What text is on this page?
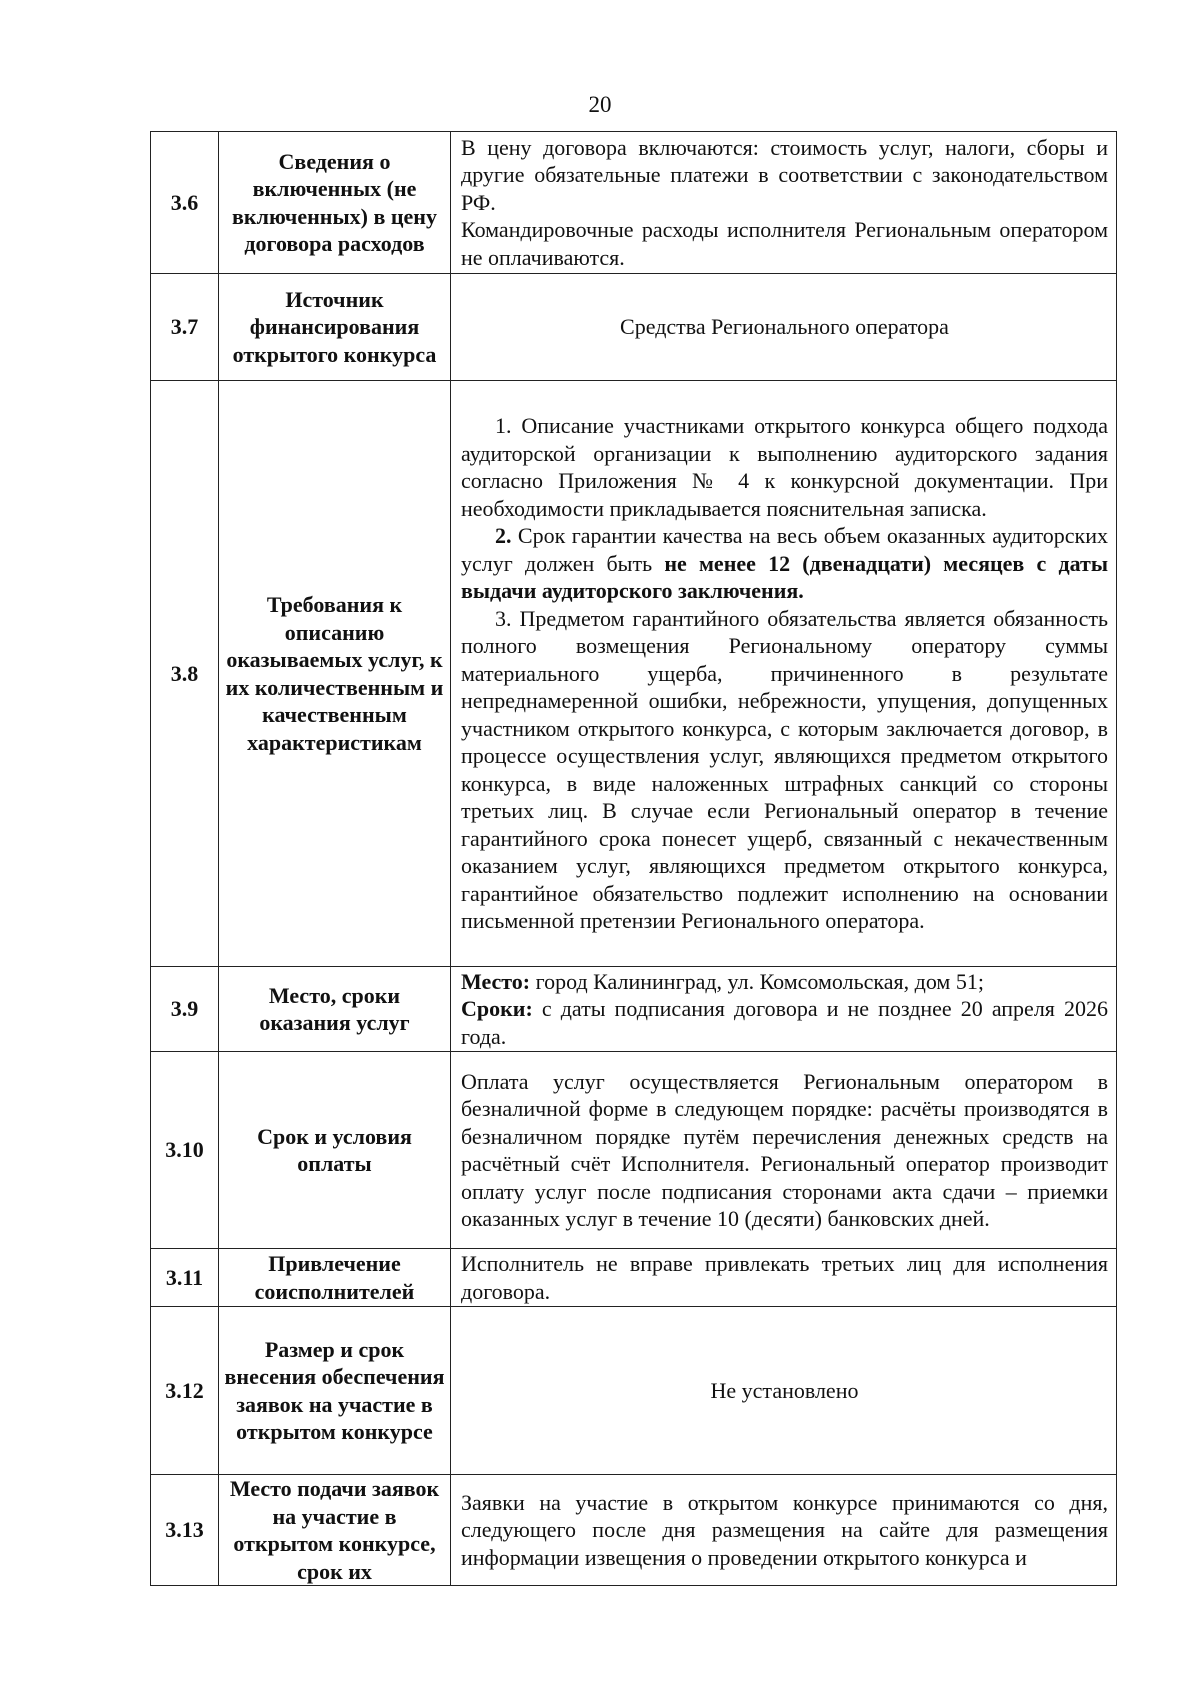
20
3.6	Сведения о включенных (не включенных) в цену договора расходов	В цену договора включаются: стоимость услуг, налоги, сборы и другие обязательные платежи в соответствии с законодательством РФ.

Командировочные расходы исполнителя Региональным оператором не оплачиваются.

3.7	Источник финансирования открытого конкурса	Средства Регионального оператора

3.8	Требования к описанию оказываемых услуг, к их количественным и качественным характеристикам	1. Описание участниками открытого конкурса общего подхода аудиторской организации к выполнению аудиторского задания согласно Приложения № 4 к конкурсной документации. При необходимости прикладывается пояснительная записка.

2. Срок гарантии качества на весь объем оказанных аудиторских услуг должен быть не менее 12 (двенадцати) месяцев с даты выдачи аудиторского заключения.

3. Предметом гарантийного обязательства является обязанность полного возмещения Региональному оператору суммы материального ущерба, причиненного в результате непреднамеренной ошибки, небрежности, упущения, допущенных участником открытого конкурса, с которым заключается договор, в процессе осуществления услуг, являющихся предметом открытого конкурса, в виде наложенных штрафных санкций со стороны третьих лиц. В случае если Региональный оператор в течение гарантийного срока понесет ущерб, связанный с некачественным оказанием услуг, являющихся предметом открытого конкурса, гарантийное обязательство подлежит исполнению на основании письменной претензии Регионального оператора.

3.9	Место, сроки оказания услуг	Место: город Калининград, ул. Комсомольская, дом 51;

Сроки: с даты подписания договора и не позднее 20 апреля 2026 года.

3.10	Срок и условия оплаты	Оплата услуг осуществляется Региональным оператором в безналичной форме в следующем порядке: расчёты производятся в безналичном порядке путём перечисления денежных средств на расчётный счёт Исполнителя. Региональный оператор производит оплату услуг после подписания сторонами акта сдачи – приемки оказанных услуг в течение 10 (десяти) банковских дней.

3.11	Привлечение соисполнителей	Исполнитель не вправе привлекать третьих лиц для исполнения договора.

3.12	Размер и срок внесения обеспечения заявок на участие в открытом конкурсе	Не установлено

3.13	Место подачи заявок на участие в открытом конкурсе, срок их	Заявки на участие в открытом конкурсе принимаются со дня, следующего после дня размещения на сайте для размещения информации извещения о проведении открытого конкурса и
